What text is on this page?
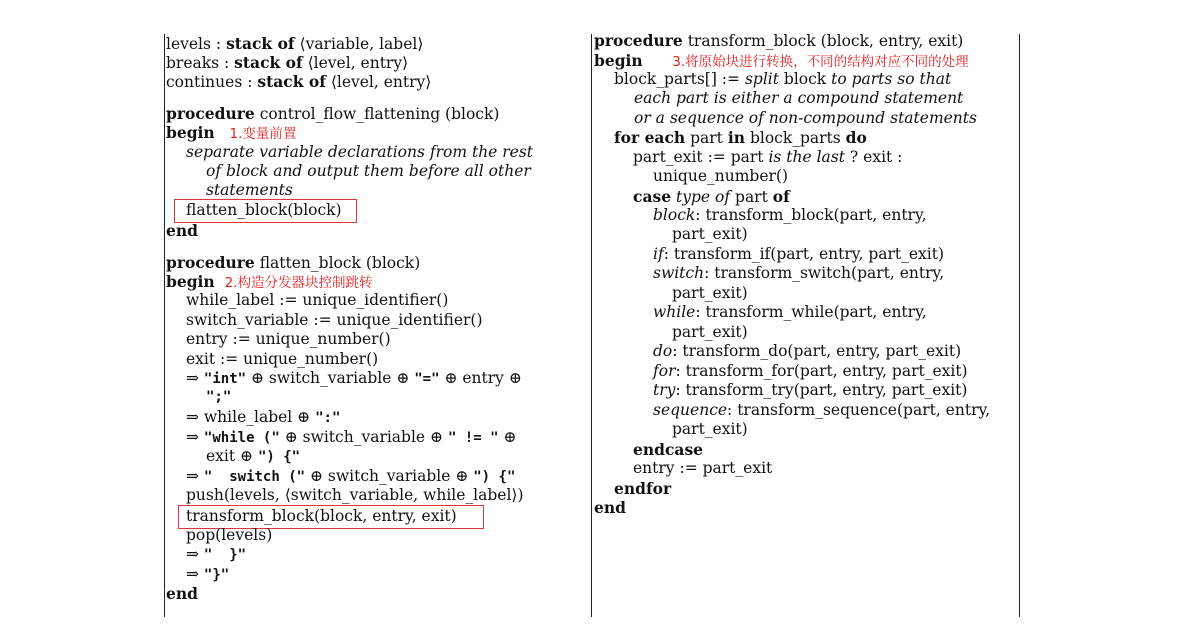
levels : stack of ⟨variable, label⟩
breaks : stack of ⟨level, entry⟩
continues : stack of ⟨level, entry⟩
procedure control_flow_flattening (block)
begin 1.变量前置
separate variable declarations from the rest
of block and output them before all other
statements
flatten_block(block)
end
procedure flatten_block (block)
begin 2.构造分发器块控制跳转
while_label := unique_identifier()
switch_variable := unique_identifier()
entry := unique_number()
exit := unique_number()
⇒ "int" ⊕ switch_variable ⊕ "=" ⊕ entry ⊕
";"
⇒ while_label ⊕ ":"
⇒ "while (" ⊕ switch_variable ⊕ " != " ⊕
exit ⊕ ") {"
⇒ "  switch (" ⊕ switch_variable ⊕ ") {"
push(levels, ⟨switch_variable, while_label⟩)
transform_block(block, entry, exit)
pop(levels)
⇒ "  }"
⇒ "}"
end
procedure transform_block (block, entry, exit)
begin 3.将原始块进行转换，不同的结构对应不同的处理
block_parts[] := split block to parts so that
each part is either a compound statement
or a sequence of non-compound statements
for each part in block_parts do
part_exit := part is the last ? exit :
unique_number()
case type of part of
block: transform_block(part, entry,
part_exit)
if: transform_if(part, entry, part_exit)
switch: transform_switch(part, entry,
part_exit)
while: transform_while(part, entry,
part_exit)
do: transform_do(part, entry, part_exit)
for: transform_for(part, entry, part_exit)
try: transform_try(part, entry, part_exit)
sequence: transform_sequence(part, entry,
part_exit)
endcase
entry := part_exit
endfor
end
